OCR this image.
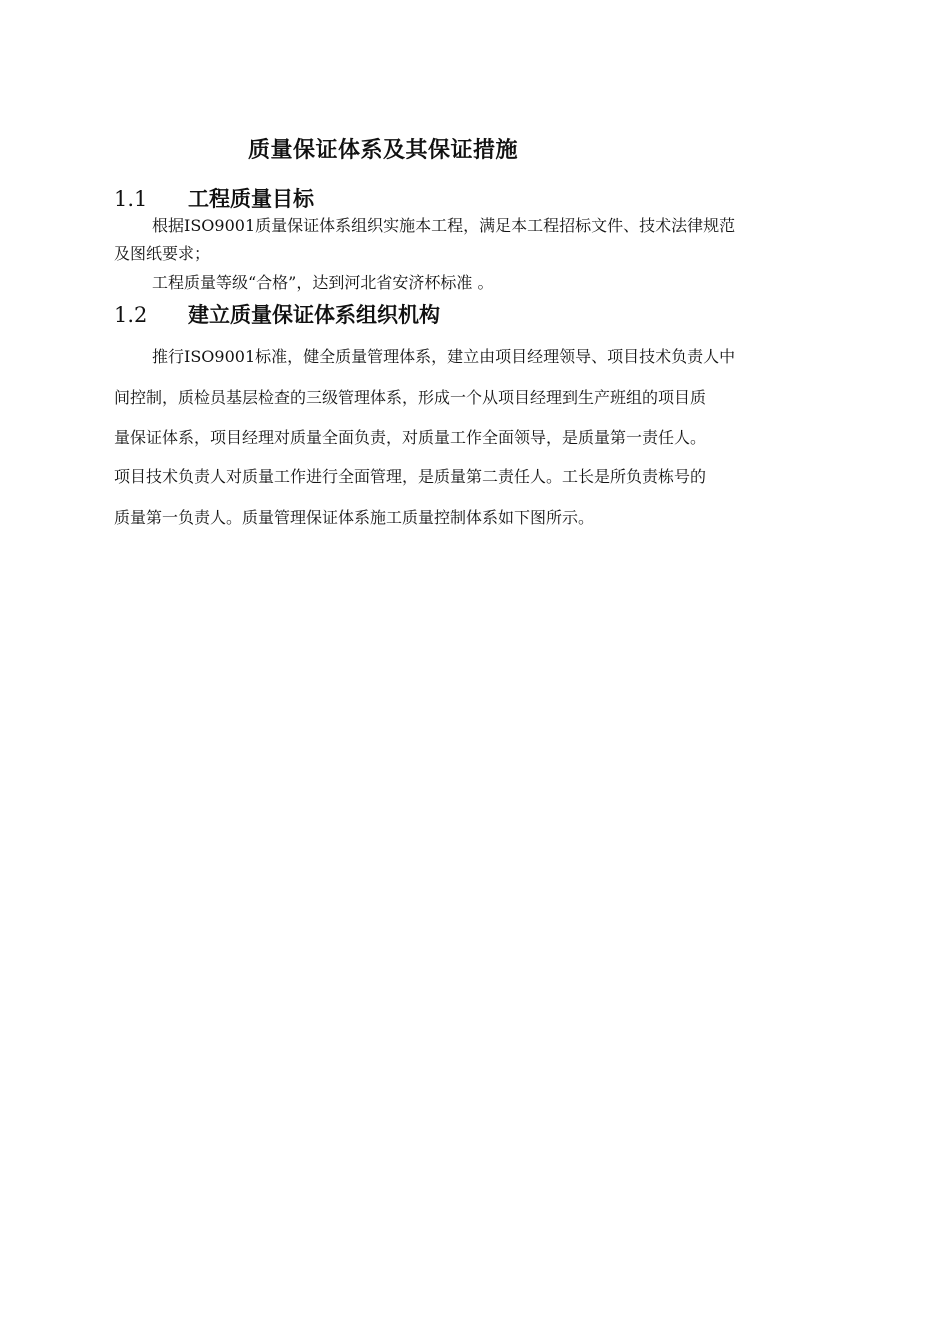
质量保证体系及其保证措施
1.1 工程质量目标
根据ISO9001质量保证体系组织实施本工程，满足本工程招标文件、技术法律规范
及图纸要求；
工程质量等级“合格”，达到河北省安济杯标准 。
1.2 建立质量保证体系组织机构
推行ISO9001标准，健全质量管理体系，建立由项目经理领导、项目技术负责人中
间控制，质检员基层检查的三级管理体系，形成一个从项目经理到生产班组的项目质
量保证体系，项目经理对质量全面负责，对质量工作全面领导，是质量第一责任人。
项目技术负责人对质量工作进行全面管理，是质量第二责任人。工长是所负责栋号的
质量第一负责人。质量管理保证体系施工质量控制体系如下图所示。
